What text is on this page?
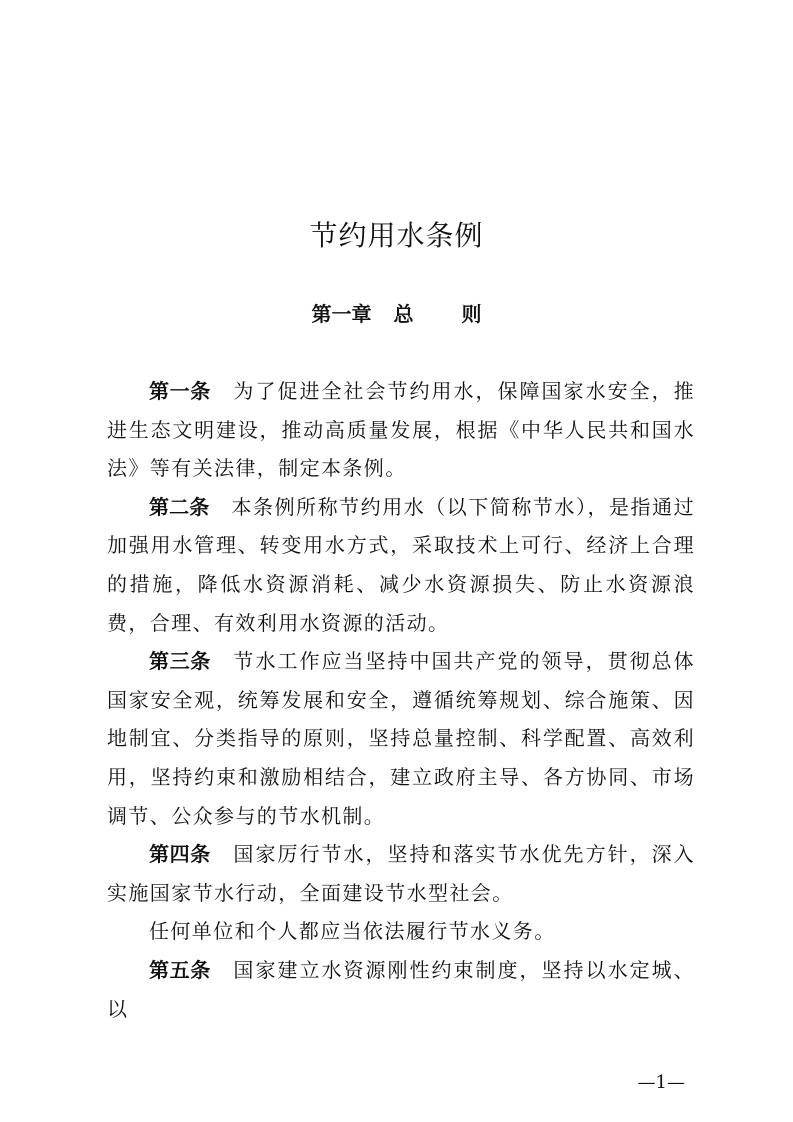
节约用水条例
第一章 总 则

第一条 为了促进全社会节约用水，保障国家水安全，推进生态文明建设，推动高质量发展，根据《中华人民共和国水法》等有关法律，制定本条例。

第二条 本条例所称节约用水（以下简称节水），是指通过加强用水管理、转变用水方式，采取技术上可行、经济上合理的措施，降低水资源消耗、减少水资源损失、防止水资源浪费，合理、有效利用水资源的活动。

第三条 节水工作应当坚持中国共产党的领导，贯彻总体国家安全观，统筹发展和安全，遵循统筹规划、综合施策、因地制宜、分类指导的原则，坚持总量控制、科学配置、高效利用，坚持约束和激励相结合，建立政府主导、各方协同、市场调节、公众参与的节水机制。

第四条 国家厉行节水，坚持和落实节水优先方针，深入实施国家节水行动，全面建设节水型社会。

任何单位和个人都应当依法履行节水义务。

第五条 国家建立水资源刚性约束制度，坚持以水定城、以

—1—
